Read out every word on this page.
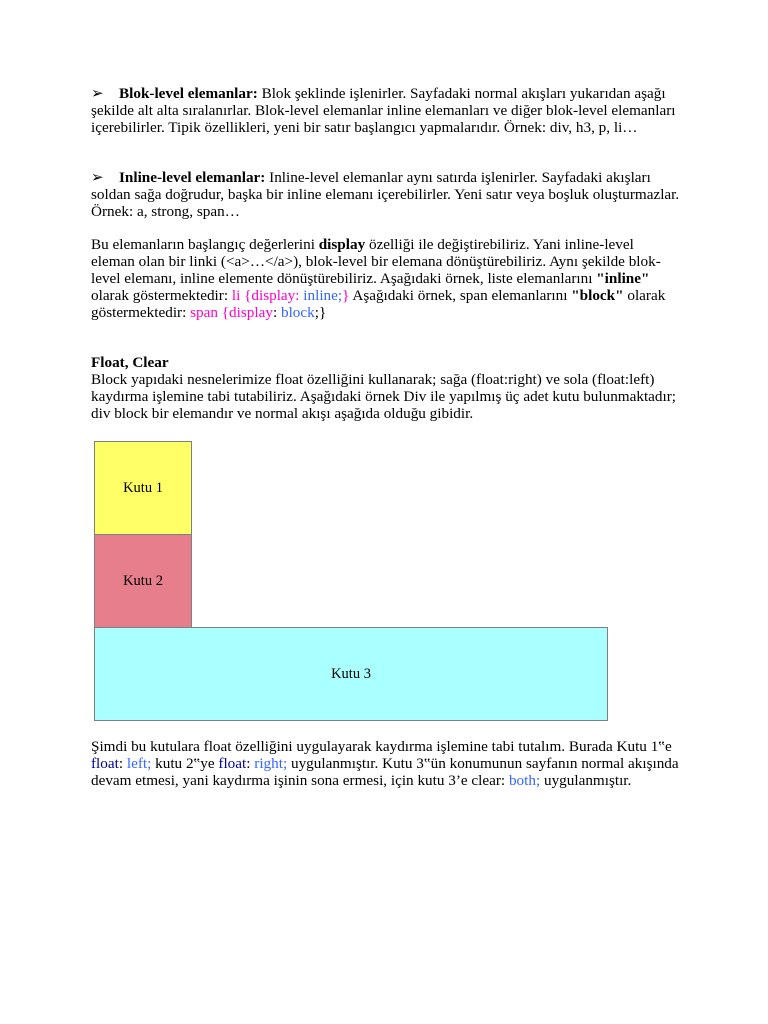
➢ Blok-level elemanlar: Blok şeklinde işlenirler. Sayfadaki normal akışları yukarıdan aşağı şekilde alt alta sıralanırlar. Blok-level elemanlar inline elemanları ve diğer blok-level elemanları içerebilirler. Tipik özellikleri, yeni bir satır başlangıcı yapmalarıdır. Örnek: div, h3, p, li…

➢ Inline-level elemanlar: Inline-level elemanlar aynı satırda işlenirler. Sayfadaki akışları soldan sağa doğrudur, başka bir inline elemanı içerebilirler. Yeni satır veya boşluk oluşturmazlar. Örnek: a, strong, span…

Bu elemanların başlangıç değerlerini display özelliği ile değiştirebiliriz. Yani inline-level eleman olan bir linki (<a>…</a>), blok-level bir elemana dönüştürebiliriz. Aynı şekilde blok-level elemanı, inline elemente dönüştürebiliriz. Aşağıdaki örnek, liste elemanlarını "inline" olarak göstermektedir: li {display: inline;} Aşağıdaki örnek, span elemanlarını "block" olarak göstermektedir: span {display: block;}

Float, Clear
Block yapıdaki nesnelerimize float özelliğini kullanarak; sağa (float:right) ve sola (float:left) kaydırma işlemine tabi tutabiliriz. Aşağıdaki örnek Div ile yapılmış üç adet kutu bulunmaktadır; div block bir elemandır ve normal akışı aşağıda olduğu gibidir.

Kutu 1
Kutu 2
Kutu 3

Şimdi bu kutulara float özelliğini uygulayarak kaydırma işlemine tabi tutalım. Burada Kutu 1‟e float: left; kutu 2‟ye float: right; uygulanmıştır. Kutu 3‟ün konumunun sayfanın normal akışında devam etmesi, yani kaydırma işinin sona ermesi, için kutu 3’e clear: both; uygulanmıştır.
